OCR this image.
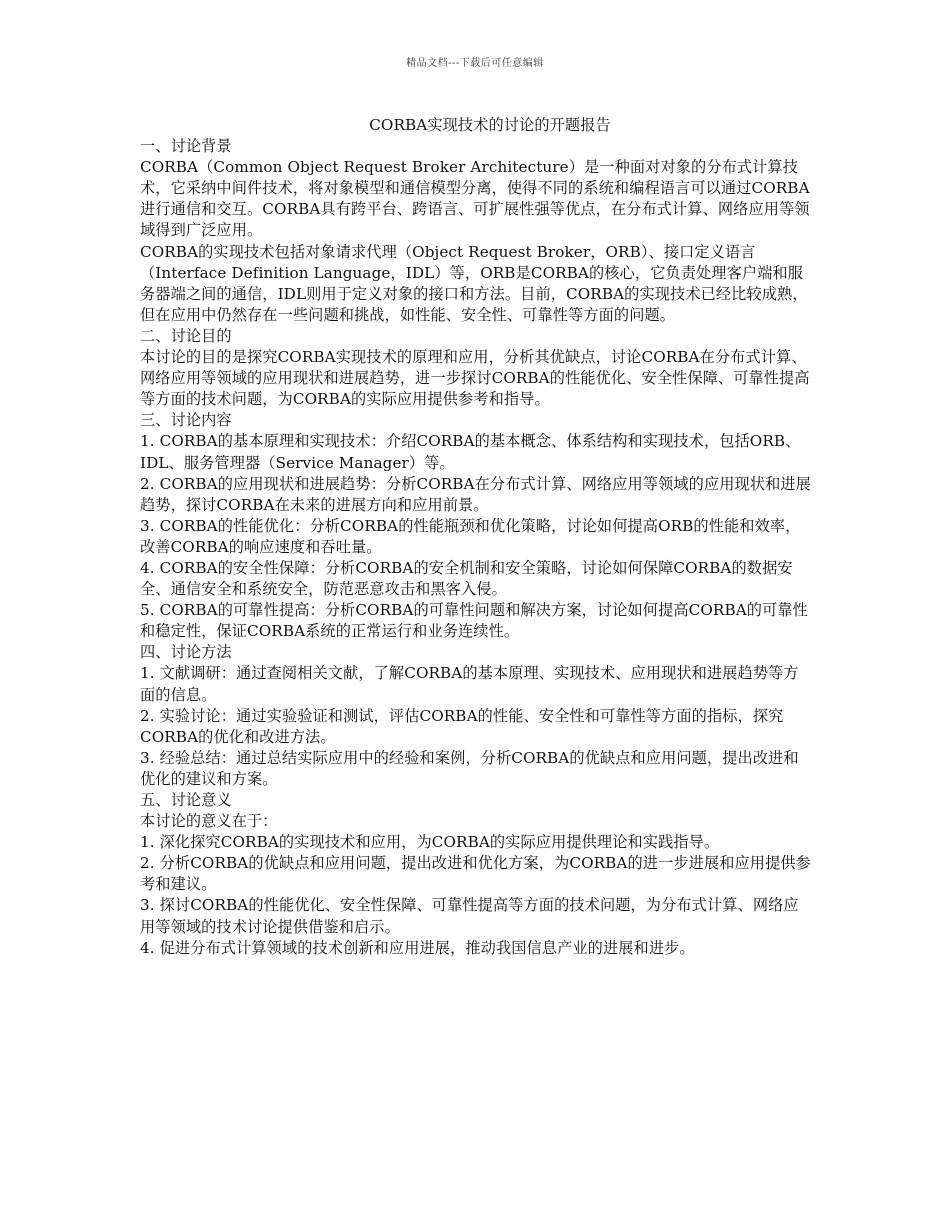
精品文档---下载后可任意编辑

CORBA实现技术的讨论的开题报告

一、讨论背景

CORBA（Common Object Request Broker Architecture）是一种面对对象的分布式计算技术，它采纳中间件技术，将对象模型和通信模型分离，使得不同的系统和编程语言可以通过CORBA进行通信和交互。CORBA具有跨平台、跨语言、可扩展性强等优点，在分布式计算、网络应用等领域得到广泛应用。

CORBA的实现技术包括对象请求代理（Object Request Broker，ORB）、接口定义语言（Interface Definition Language，IDL）等，ORB是CORBA的核心，它负责处理客户端和服务器端之间的通信，IDL则用于定义对象的接口和方法。目前，CORBA的实现技术已经比较成熟，但在应用中仍然存在一些问题和挑战，如性能、安全性、可靠性等方面的问题。

二、讨论目的

本讨论的目的是探究CORBA实现技术的原理和应用，分析其优缺点，讨论CORBA在分布式计算、网络应用等领域的应用现状和进展趋势，进一步探讨CORBA的性能优化、安全性保障、可靠性提高等方面的技术问题，为CORBA的实际应用提供参考和指导。

三、讨论内容

1. CORBA的基本原理和实现技术：介绍CORBA的基本概念、体系结构和实现技术，包括ORB、IDL、服务管理器（Service Manager）等。

2. CORBA的应用现状和进展趋势：分析CORBA在分布式计算、网络应用等领域的应用现状和进展趋势，探讨CORBA在未来的进展方向和应用前景。

3. CORBA的性能优化：分析CORBA的性能瓶颈和优化策略，讨论如何提高ORB的性能和效率，改善CORBA的响应速度和吞吐量。

4. CORBA的安全性保障：分析CORBA的安全机制和安全策略，讨论如何保障CORBA的数据安全、通信安全和系统安全，防范恶意攻击和黑客入侵。

5. CORBA的可靠性提高：分析CORBA的可靠性问题和解决方案，讨论如何提高CORBA的可靠性和稳定性，保证CORBA系统的正常运行和业务连续性。

四、讨论方法

1. 文献调研：通过查阅相关文献，了解CORBA的基本原理、实现技术、应用现状和进展趋势等方面的信息。

2. 实验讨论：通过实验验证和测试，评估CORBA的性能、安全性和可靠性等方面的指标，探究CORBA的优化和改进方法。

3. 经验总结：通过总结实际应用中的经验和案例，分析CORBA的优缺点和应用问题，提出改进和优化的建议和方案。

五、讨论意义

本讨论的意义在于：

1. 深化探究CORBA的实现技术和应用，为CORBA的实际应用提供理论和实践指导。

2. 分析CORBA的优缺点和应用问题，提出改进和优化方案，为CORBA的进一步进展和应用提供参考和建议。

3. 探讨CORBA的性能优化、安全性保障、可靠性提高等方面的技术问题，为分布式计算、网络应用等领域的技术讨论提供借鉴和启示。

4. 促进分布式计算领域的技术创新和应用进展，推动我国信息产业的进展和进步。
